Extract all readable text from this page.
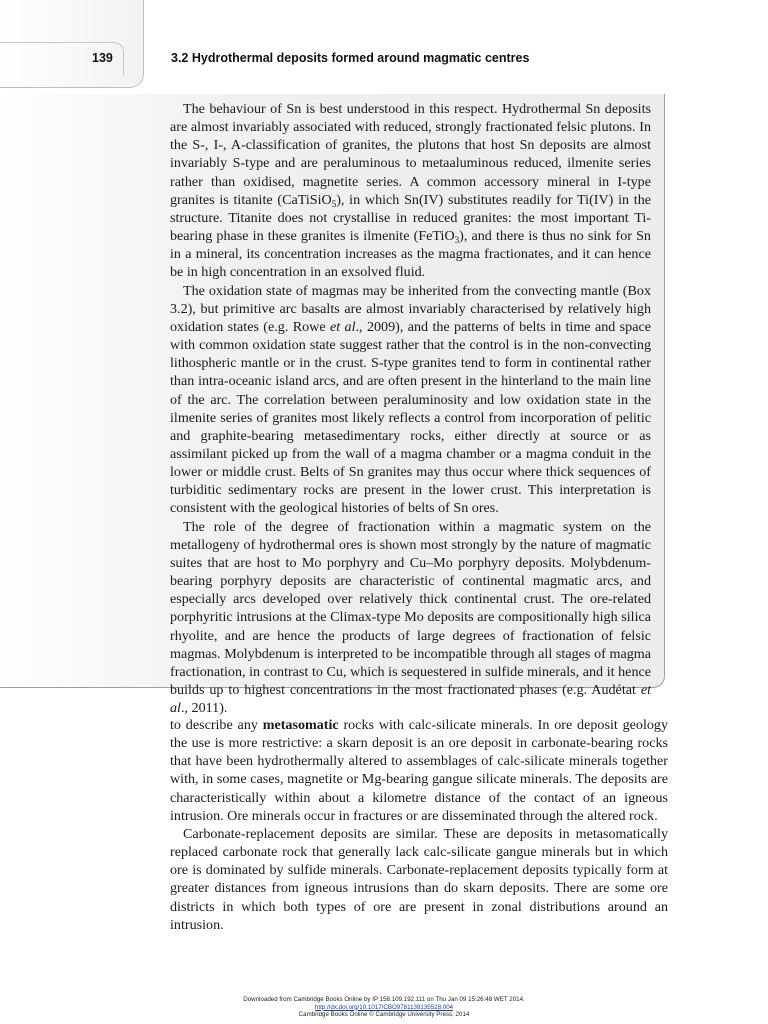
139	3.2 Hydrothermal deposits formed around magmatic centres

The behaviour of Sn is best understood in this respect. Hydrothermal Sn deposits are almost invariably associated with reduced, strongly fractionated felsic plutons. In the S-, I-, A-classification of granites, the plutons that host Sn deposits are almost invariably S-type and are peraluminous to metaaluminous reduced, ilmenite series rather than oxidised, magnetite series. A common accessory mineral in I-type granites is titanite (CaTiSiO$_5$), in which Sn(IV) substitutes readily for Ti(IV) in the structure. Titanite does not crystallise in reduced granites: the most important Ti-bearing phase in these granites is ilmenite (FeTiO$_3$), and there is thus no sink for Sn in a mineral, its concentration increases as the magma fractionates, and it can hence be in high concentration in an exsolved fluid.

The oxidation state of magmas may be inherited from the convecting mantle (Box 3.2), but primitive arc basalts are almost invariably characterised by relatively high oxidation states (e.g. Rowe et al., 2009), and the patterns of belts in time and space with common oxidation state suggest rather that the control is in the non-convecting lithospheric mantle or in the crust. S-type granites tend to form in continental rather than intra-oceanic island arcs, and are often present in the hinterland to the main line of the arc. The correlation between peraluminosity and low oxidation state in the ilmenite series of granites most likely reflects a control from incorporation of pelitic and graphite-bearing metasedimentary rocks, either directly at source or as assimilant picked up from the wall of a magma chamber or a magma conduit in the lower or middle crust. Belts of Sn granites may thus occur where thick sequences of turbiditic sedimentary rocks are present in the lower crust. This interpretation is consistent with the geological histories of belts of Sn ores.

The role of the degree of fractionation within a magmatic system on the metallogeny of hydrothermal ores is shown most strongly by the nature of magmatic suites that are host to Mo porphyry and Cu–Mo porphyry deposits. Molybdenum-bearing porphyry deposits are characteristic of continental magmatic arcs, and especially arcs developed over relatively thick continental crust. The ore-related porphyritic intrusions at the Climax-type Mo deposits are compositionally high silica rhyolite, and are hence the products of large degrees of fractionation of felsic magmas. Molybdenum is interpreted to be incompatible through all stages of magma fractionation, in contrast to Cu, which is sequestered in sulfide minerals, and it hence builds up to highest concentrations in the most fractionated phases (e.g. Audétat et al., 2011).

to describe any metasomatic rocks with calc-silicate minerals. In ore deposit geology the use is more restrictive: a skarn deposit is an ore deposit in carbonate-bearing rocks that have been hydrothermally altered to assemblages of calc-silicate minerals together with, in some cases, magnetite or Mg-bearing gangue silicate minerals. The deposits are characteristically within about a kilometre distance of the contact of an igneous intrusion. Ore minerals occur in fractures or are disseminated through the altered rock.

Carbonate-replacement deposits are similar. These are deposits in metasomatically replaced carbonate rock that generally lack calc-silicate gangue minerals but in which ore is dominated by sulfide minerals. Carbonate-replacement deposits typically form at greater distances from igneous intrusions than do skarn deposits. There are some ore districts in which both types of ore are present in zonal distributions around an intrusion.

Downloaded from Cambridge Books Online by IP 158.109.192.111 on Thu Jan 09 15:26:48 WET 2014.
http://dx.doi.org/10.1017/CBO9781139135528.004
Cambridge Books Online © Cambridge University Press, 2014
